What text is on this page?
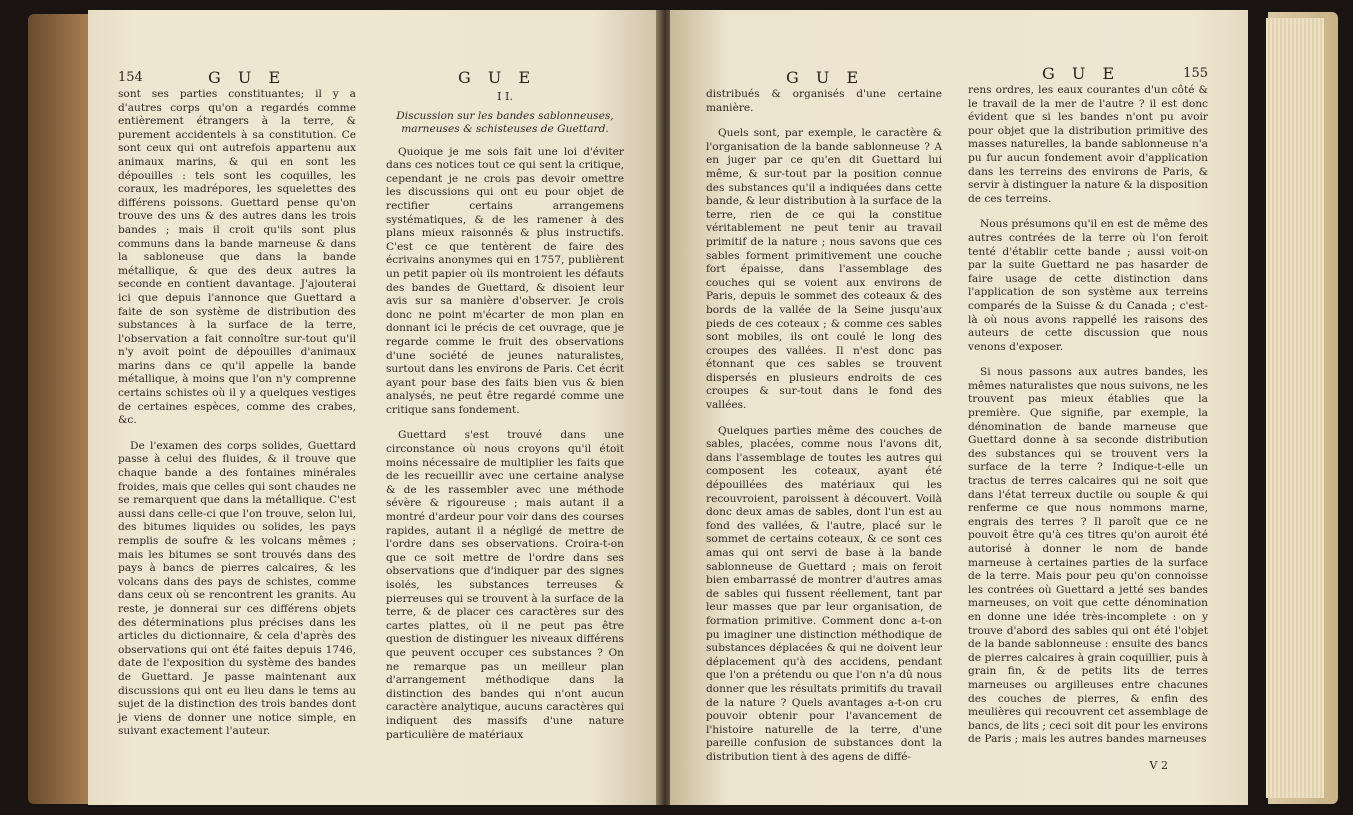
154	G U E

sont ses parties constituantes; il y a d'autres corps qu'on a regardés comme entièrement étrangers à la terre, & purement accidentels à sa constitution. Ce sont ceux qui ont autrefois appartenu aux animaux marins, & qui en sont les dépouilles : tels sont les coquilles, les coraux, les madrépores, les squelettes des différens poissons. Guettard pense qu'on trouve des uns & des autres dans les trois bandes ; mais il croit qu'ils sont plus communs dans la bande marneuse & dans la sabloneuse que dans la bande métallique, & que des deux autres la seconde en contient davantage. J'ajouterai ici que depuis l'annonce que Guettard a faite de son système de distribution des substances à la surface de la terre, l'observation a fait connoître sur-tout qu'il n'y avoit point de dépouilles d'animaux marins dans ce qu'il appelle la bande métallique, à moins que l'on n'y comprenne certains schistes où il y a quelques vestiges de certaines espèces, comme des crabes, &c.

De l'examen des corps solides, Guettard passe à celui des fluides, & il trouve que chaque bande a des fontaines minérales froides, mais que celles qui sont chaudes ne se remarquent que dans la métallique. C'est aussi dans celle-ci que l'on trouve, selon lui, des bitumes liquides ou solides, les pays remplis de soufre & les volcans mêmes ; mais les bitumes se sont trouvés dans des pays à bancs de pierres calcaires, & les volcans dans des pays de schistes, comme dans ceux où se rencontrent les granits. Au reste, je donnerai sur ces différens objets des déterminations plus précises dans les articles du dictionnaire, & cela d'après des observations qui ont été faites depuis 1746, date de l'exposition du système des bandes de Guettard. Je passe maintenant aux discussions qui ont eu lieu dans le tems au sujet de la distinction des trois bandes dont je viens de donner une notice simple, en suivant exactement l'auteur.

G U E
I I.
Discussion sur les bandes sablonneuses, marneuses & schisteuses de Guettard.

Quoique je me sois fait une loi d'éviter dans ces notices tout ce qui sent la critique, cependant je ne crois pas devoir omettre les discussions qui ont eu pour objet de rectifier certains arrangemens systématiques, & de les ramener à des plans mieux raisonnés & plus instructifs. C'est ce que tentèrent de faire des écrivains anonymes qui en 1757, publièrent un petit papier où ils montroient les défauts des bandes de Guettard, & disoient leur avis sur sa manière d'observer. Je crois donc ne point m'écarter de mon plan en donnant ici le précis de cet ouvrage, que je regarde comme le fruit des observations d'une société de jeunes naturalistes, surtout dans les environs de Paris. Cet écrit ayant pour base des faits bien vus & bien analysés, ne peut être regardé comme une critique sans fondement.

Guettard s'est trouvé dans une circonstance où nous croyons qu'il étoit moins nécessaire de multiplier les faits que de les recueillir avec une certaine analyse & de les rassembler avec une méthode sévère & rigoureuse ; mais autant il a montré d'ardeur pour voir dans des courses rapides, autant il a négligé de mettre de l'ordre dans ses observations. Croira-t-on que ce soit mettre de l'ordre dans ses observations que d'indiquer par des signes isolés, les substances terreuses & pierreuses qui se trouvent à la surface de la terre, & de placer ces caractères sur des cartes plattes, où il ne peut pas être question de distinguer les niveaux différens que peuvent occuper ces substances ? On ne remarque pas un meilleur plan d'arrangement méthodique dans la distinction des bandes qui n'ont aucun caractère analytique, aucuns caractères qui indiquent des massifs d'une nature particulière de matériaux

G U E

distribués & organisés d'une certaine manière.

Quels sont, par exemple, le caractère & l'organisation de la bande sablonneuse ? A en juger par ce qu'en dit Guettard lui même, & sur-tout par la position connue des substances qu'il a indiquées dans cette bande, & leur distribution à la surface de la terre, rien de ce qui la constitue véritablement ne peut tenir au travail primitif de la nature ; nous savons que ces sables forment primitivement une couche fort épaisse, dans l'assemblage des couches qui se voient aux environs de Paris, depuis le sommet des coteaux & des bords de la vallée de la Seine jusqu'aux pieds de ces coteaux ; & comme ces sables sont mobiles, ils ont coulé le long des croupes des vallées. Il n'est donc pas étonnant que ces sables se trouvent dispersés en plusieurs endroits de ces croupes & sur-tout dans le fond des vallées.

Quelques parties même des couches de sables, placées, comme nous l'avons dit, dans l'assemblage de toutes les autres qui composent les coteaux, ayant été dépouillées des matériaux qui les recouvroient, paroissent à découvert. Voilà donc deux amas de sables, dont l'un est au fond des vallées, & l'autre, placé sur le sommet de certains coteaux, & ce sont ces amas qui ont servi de base à la bande sablonneuse de Guettard ; mais on feroit bien embarrassé de montrer d'autres amas de sables qui fussent réellement, tant par leur masses que par leur organisation, de formation primitive. Comment donc a-t-on pu imaginer une distinction méthodique de substances déplacées & qui ne doivent leur déplacement qu'à des accidens, pendant que l'on a prétendu ou que l'on n'a dû nous donner que les résultats primitifs du travail de la nature ? Quels avantages a-t-on cru pouvoir obtenir pour l'avancement de l'histoire naturelle de la terre, d'une pareille confusion de substances dont la distribution tient à des agens de diffé-

G U E	155

rens ordres, les eaux courantes d'un côté & le travail de la mer de l'autre ? il est donc évident que si les bandes n'ont pu avoir pour objet que la distribution primitive des masses naturelles, la bande sablonneuse n'a pu fur aucun fondement avoir d'application dans les terreins des environs de Paris, & servir à distinguer la nature & la disposition de ces terreins.

Nous présumons qu'il en est de même des autres contrées de la terre où l'on feroit tenté d'établir cette bande ; aussi voit-on par la suite Guettard ne pas hasarder de faire usage de cette distinction dans l'application de son système aux terreins comparés de la Suisse & du Canada ; c'est-là où nous avons rappellé les raisons des auteurs de cette discussion que nous venons d'exposer.

Si nous passons aux autres bandes, les mêmes naturalistes que nous suivons, ne les trouvent pas mieux établies que la première. Que signifie, par exemple, la dénomination de bande marneuse que Guettard donne à sa seconde distribution des substances qui se trouvent vers la surface de la terre ? Indique-t-elle un tractus de terres calcaires qui ne soit que dans l'état terreux ductile ou souple & qui renferme ce que nous nommons marne, engrais des terres ? Il paroît que ce ne pouvoit être qu'à ces titres qu'on auroit été autorisé à donner le nom de bande marneuse à certaines parties de la surface de la terre. Mais pour peu qu'on connoisse les contrées où Guettard a jetté ses bandes marneuses, on voit que cette dénomination en donne une idée très-incomplete : on y trouve d'abord des sables qui ont été l'objet de la bande sablonneuse : ensuite des bancs de pierres calcaires à grain coquillier, puis à grain fin, & de petits lits de terres marneuses ou argilleuses entre chacunes des couches de pierres, & enfin des meulières qui recouvrent cet assemblage de bancs, de lits ; ceci soit dit pour les environs de Paris ; mais les autres bandes marneuses

V 2
